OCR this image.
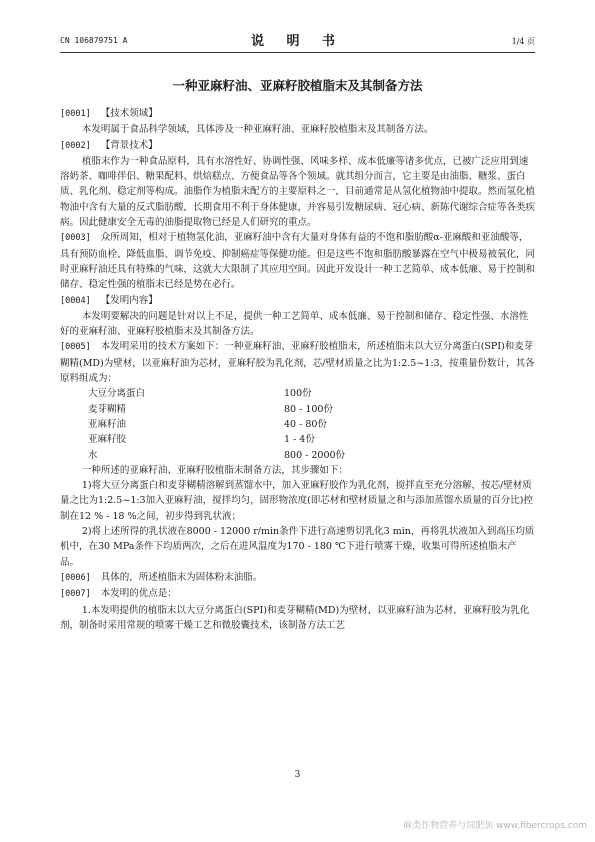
CN 106879751 A	说 明 书	1/4 页
一种亚麻籽油、亚麻籽胶植脂末及其制备方法

[0001] 【技术领域】

本发明属于食品科学领域，具体涉及一种亚麻籽油、亚麻籽胶植脂末及其制备方法。

[0002] 【背景技术】

植脂末作为一种食品原料，具有水溶性好、协调性强、风味多样、成本低廉等诸多优点，已被广泛应用到速溶奶茶、咖啡伴侣、糖果配料、烘焙糕点、方便食品等各个领域。就其组分而言，它主要是由油脂、糖浆、蛋白质、乳化剂、稳定剂等构成。油脂作为植脂末配方的主要原料之一，目前通常是从氢化植物油中提取。然而氢化植物油中含有大量的反式脂肪酸，长期食用不利于身体健康，并容易引发糖尿病、冠心病、新陈代谢综合症等各类疾病。因此健康安全无毒的油脂提取物已经是人们研究的重点。

[0003] 众所周知，相对于植物氢化油，亚麻籽油中含有大量对身体有益的不饱和脂肪酸α-亚麻酸和亚油酸等，具有预防血栓、降低血脂、调节免疫、抑制癌症等保健功能。但是这些不饱和脂肪酸暴露在空气中极易被氧化，同时亚麻籽油还具有特殊的气味，这就大大限制了其应用空间。因此开发设计一种工艺简单、成本低廉、易于控制和储存、稳定性强的植脂末已经是势在必行。

[0004] 【发明内容】

本发明要解决的问题是针对以上不足，提供一种工艺简单、成本低廉、易于控制和储存、稳定性强、水溶性好的亚麻籽油、亚麻籽胶植脂末及其制备方法。

[0005] 本发明采用的技术方案如下：一种亚麻籽油、亚麻籽胶植脂末，所述植脂末以大豆分离蛋白(SPI)和麦芽糊精(MD)为壁材，以亚麻籽油为芯材，亚麻籽胶为乳化剂，芯/壁材质量之比为1:2.5~1:3，按重量份数计，其各原料组成为：

大豆分离蛋白	100份
麦芽糊精	80 - 100份
亚麻籽油	40 - 80份
亚麻籽胶	1 - 4份
水	800 - 2000份

一种所述的亚麻籽油、亚麻籽胶植脂末制备方法，其步骤如下：

1)将大豆分离蛋白和麦芽糊精溶解到蒸馏水中，加入亚麻籽胶作为乳化剂，搅拌直至充分溶解，按芯/壁材质量之比为1:2.5~1:3加入亚麻籽油，搅拌均匀，固形物浓度(即芯材和壁材质量之和与添加蒸馏水质量的百分比)控制在12 % - 18 %之间，初步得到乳状液；

2)将上述所得的乳状液在8000 - 12000 r/min条件下进行高速剪切乳化3 min，再将乳状液加入到高压均质机中，在30 MPa条件下均质两次，之后在进风温度为170 - 180 ℃下进行喷雾干燥，收集可得所述植脂末产品。

[0006] 具体的，所述植脂末为固体粉末油脂。

[0007] 本发明的优点是：

1.本发明提供的植脂末以大豆分离蛋白(SPI)和麦芽糊精(MD)为壁材，以亚麻籽油为芯材，亚麻籽胶为乳化剂，制备时采用常规的喷雾干燥工艺和微胶囊技术，该制备方法工艺

3
麻类作物营养与饲肥加 www.fibercrops.com
